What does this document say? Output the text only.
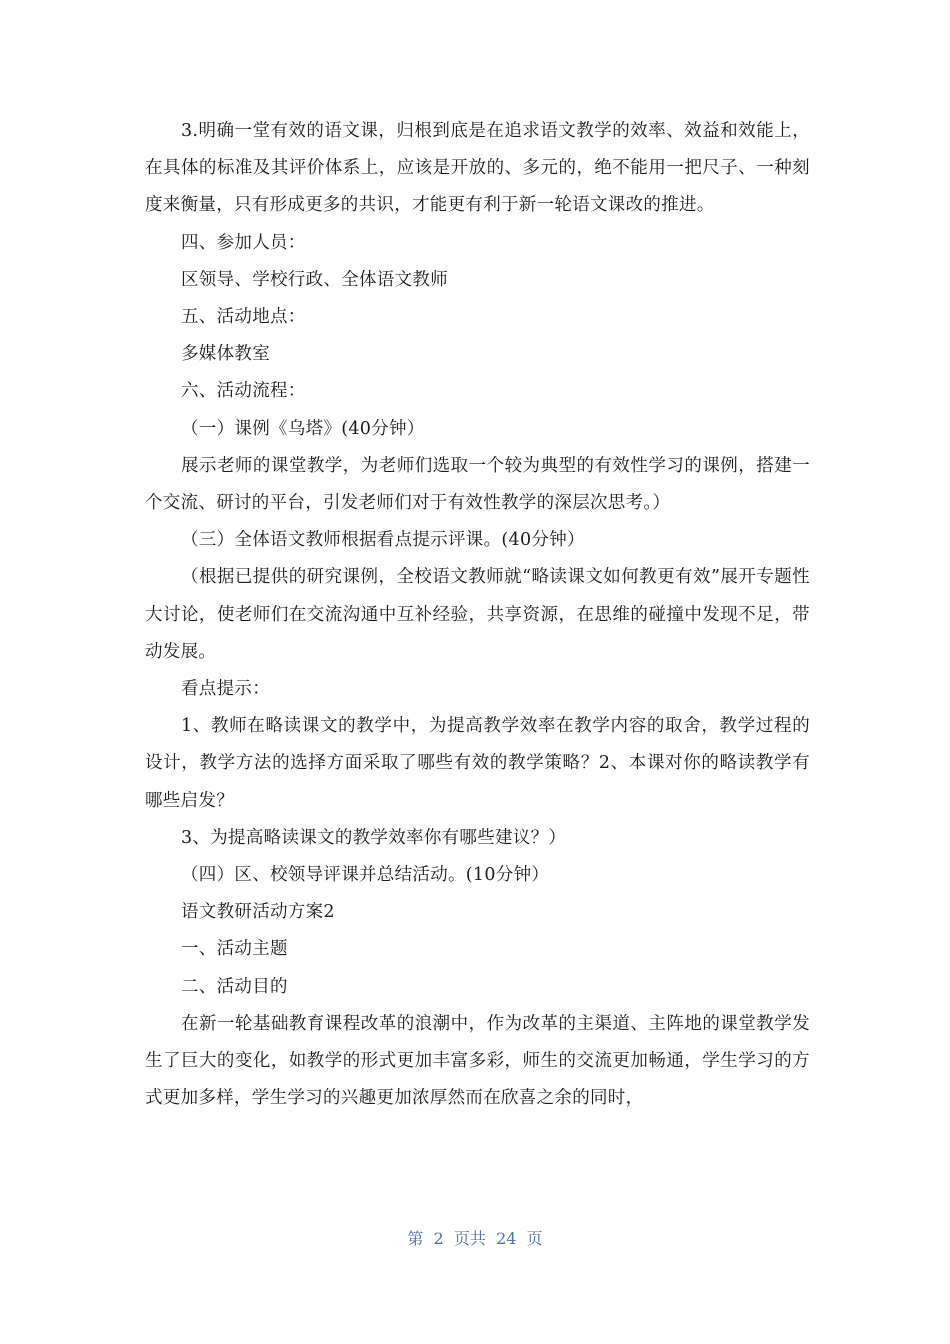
3.明确一堂有效的语文课，归根到底是在追求语文教学的效率、效益和效能上，在具体的标准及其评价体系上，应该是开放的、多元的，绝不能用一把尺子、一种刻度来衡量，只有形成更多的共识，才能更有利于新一轮语文课改的推进。

四、参加人员：

区领导、学校行政、全体语文教师

五、活动地点：

多媒体教室

六、活动流程：

（一）课例《乌塔》(40分钟）

展示老师的课堂教学，为老师们选取一个较为典型的有效性学习的课例，搭建一个交流、研讨的平台，引发老师们对于有效性教学的深层次思考。）

（三）全体语文教师根据看点提示评课。(40分钟）

（根据已提供的研究课例，全校语文教师就“略读课文如何教更有效”展开专题性大讨论，使老师们在交流沟通中互补经验，共享资源，在思维的碰撞中发现不足，带动发展。

看点提示：

1、教师在略读课文的教学中，为提高教学效率在教学内容的取舍，教学过程的设计，教学方法的选择方面采取了哪些有效的教学策略？2、本课对你的略读教学有哪些启发？

3、为提高略读课文的教学效率你有哪些建议？）

（四）区、校领导评课并总结活动。(10分钟）

语文教研活动方案2

一、活动主题

二、活动目的

在新一轮基础教育课程改革的浪潮中，作为改革的主渠道、主阵地的课堂教学发生了巨大的变化，如教学的形式更加丰富多彩，师生的交流更加畅通，学生学习的方式更加多样，学生学习的兴趣更加浓厚然而在欣喜之余的同时，

第 2 页共 24 页
